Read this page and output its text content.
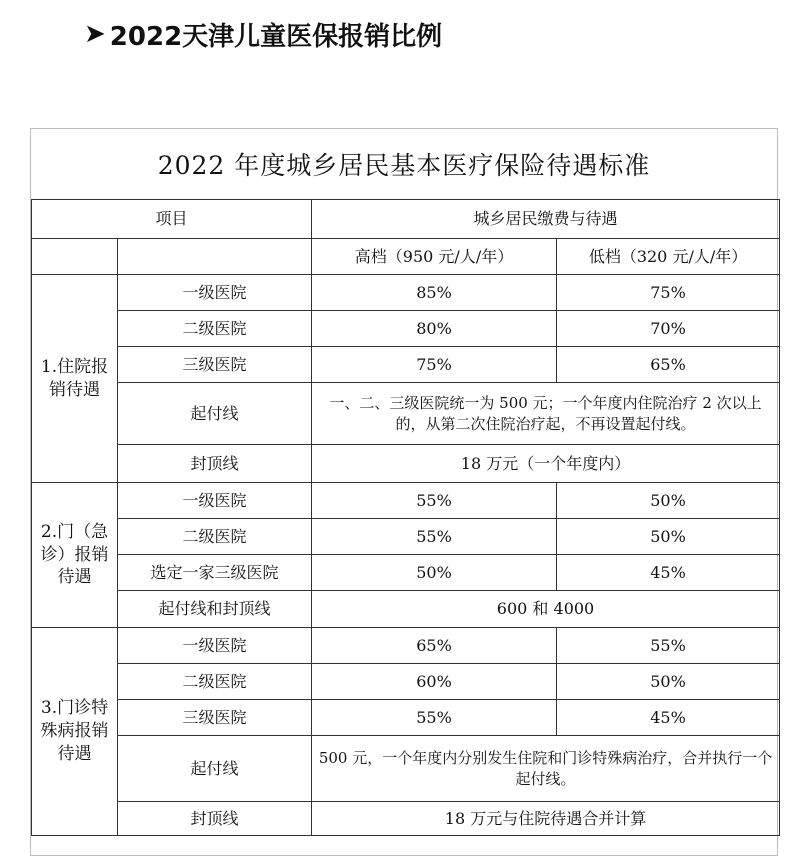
➤ 2022天津儿童医保报销比例
2022 年度城乡居民基本医疗保险待遇标准
项目		城乡居民缴费与待遇	
		高档（950 元/人/年）	低档（320 元/人/年）
1.住院报销待遇	一级医院	85%	75%
	二级医院	80%	70%
	三级医院	75%	65%
	起付线	一、二、三级医院统一为 500 元；一个年度内住院治疗 2 次以上的，从第二次住院治疗起，不再设置起付线。	
	封顶线	18 万元（一个年度内）	
2.门（急诊）报销待遇	一级医院	55%	50%
	二级医院	55%	50%
	选定一家三级医院	50%	45%
	起付线和封顶线	600 和 4000	
3.门诊特殊病报销待遇	一级医院	65%	55%
	二级医院	60%	50%
	三级医院	55%	45%
	起付线	500 元，一个年度内分别发生住院和门诊特殊病治疗，合并执行一个起付线。	
	封顶线	18 万元与住院待遇合并计算	
